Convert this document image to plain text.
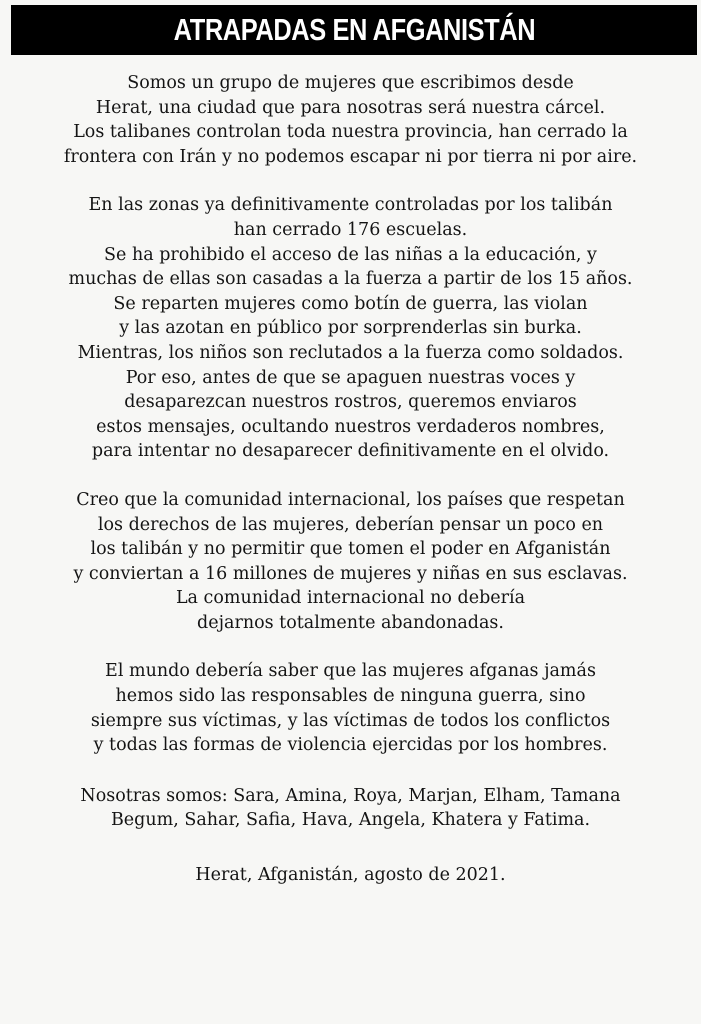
ATRAPADAS EN AFGANISTÁN

Somos un grupo de mujeres que escribimos desde
Herat, una ciudad que para nosotras será nuestra cárcel.
Los talibanes controlan toda nuestra provincia, han cerrado la
frontera con Irán y no podemos escapar ni por tierra ni por aire.

En las zonas ya definitivamente controladas por los talibán
han cerrado 176 escuelas.
Se ha prohibido el acceso de las niñas a la educación, y
muchas de ellas son casadas a la fuerza a partir de los 15 años.
Se reparten mujeres como botín de guerra, las violan
y las azotan en público por sorprenderlas sin burka.
Mientras, los niños son reclutados a la fuerza como soldados.
Por eso, antes de que se apaguen nuestras voces y
desaparezcan nuestros rostros, queremos enviaros
estos mensajes, ocultando nuestros verdaderos nombres,
para intentar no desaparecer definitivamente en el olvido.

Creo que la comunidad internacional, los países que respetan
los derechos de las mujeres, deberían pensar un poco en
los talibán y no permitir que tomen el poder en Afganistán
y conviertan a 16 millones de mujeres y niñas en sus esclavas.
La comunidad internacional no debería
dejarnos totalmente abandonadas.

El mundo debería saber que las mujeres afganas jamás
hemos sido las responsables de ninguna guerra, sino
siempre sus víctimas, y las víctimas de todos los conflictos
y todas las formas de violencia ejercidas por los hombres.

Nosotras somos: Sara, Amina, Roya, Marjan, Elham, Tamana
Begum, Sahar, Safia, Hava, Angela, Khatera y Fatima.

Herat, Afganistán, agosto de 2021.
